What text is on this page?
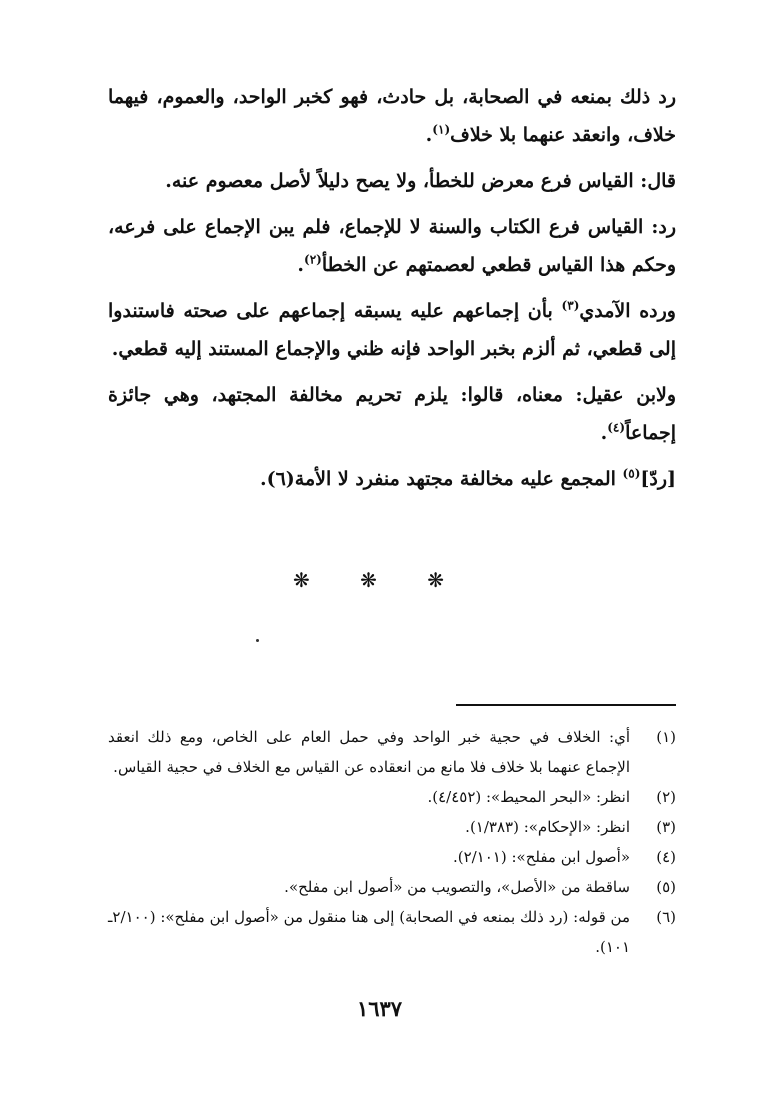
رد ذلك بمنعه في الصحابة، بل حادث، فهو كخبر الواحد، والعموم، فيهما خلاف، وانعقد عنهما بلا خلاف$^{(١)}$.

قال: القياس فرع معرض للخطأ، ولا يصح دليلاً لأصل معصوم عنه.

رد: القياس فرع الكتاب والسنة لا للإجماع، فلم يبن الإجماع على فرعه، وحكم هذا القياس قطعي لعصمتهم عن الخطأ$^{(٢)}$.

ورده الآمدي$^{(٣)}$ بأن إجماعهم عليه يسبقه إجماعهم على صحته فاستندوا إلى قطعي، ثم ألزم بخبر الواحد فإنه ظني والإجماع المستند إليه قطعي.

ولابن عقيل: معناه، قالوا: يلزم تحريم مخالفة المجتهد، وهي جائزة إجماعاً$^{(٤)}$.

[ردّ]$^{(٥)}$ المجمع عليه مخالفة مجتهد منفرد لا الأمة(٦).

❋ ❋ ❋
(١)
أي: الخلاف في حجية خبر الواحد وفي حمل العام على الخاص، ومع ذلك انعقد الإجماع عنهما بلا خلاف فلا مانع من انعقاده عن القياس مع الخلاف في حجية القياس.
(٢)
انظر: «البحر المحيط»: (٤/٤٥٢).
(٣)
انظر: «الإحكام»: (١/٣٨٣).
(٤)
«أصول ابن مفلح»: (٢/١٠١).
(٥)
ساقطة من «الأصل»، والتصويب من «أصول ابن مفلح».
(٦)
من قوله: (رد ذلك بمنعه في الصحابة) إلى هنا منقول من «أصول ابن مفلح»: (٢/١٠٠ـ ١٠١).
١٦٣٧
